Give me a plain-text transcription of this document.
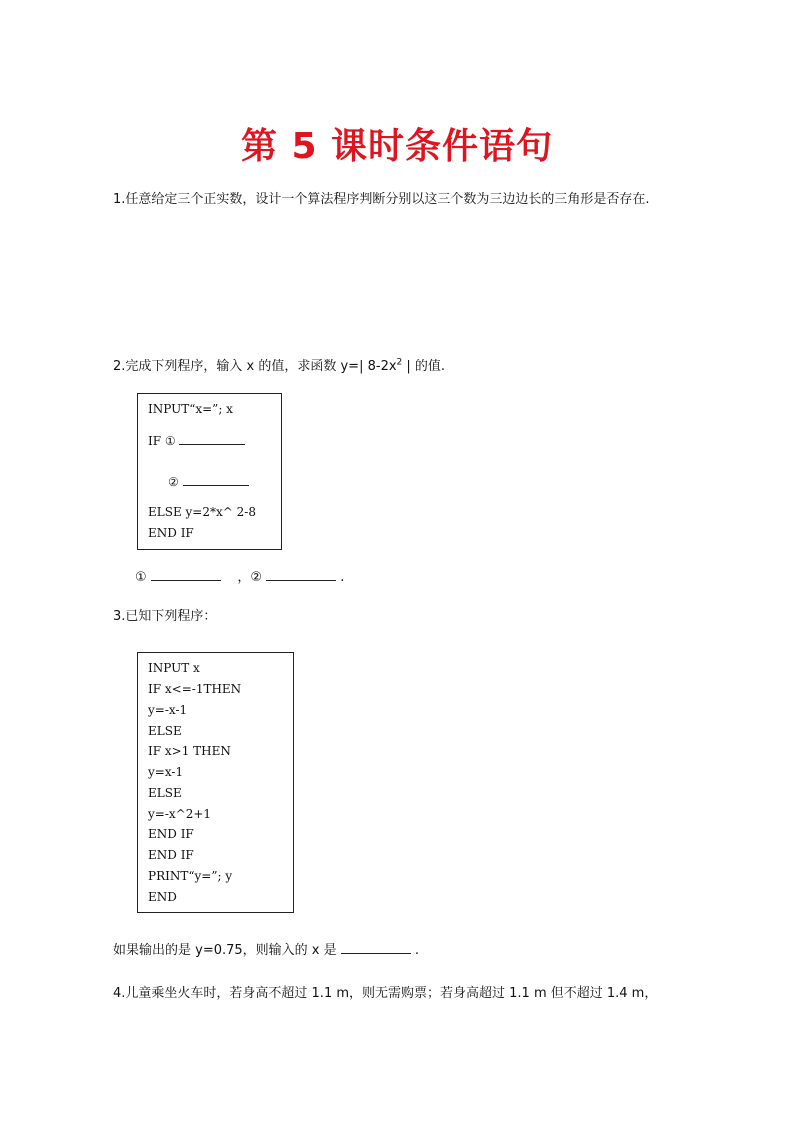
第 5 课时条件语句
1.任意给定三个正实数，设计一个算法程序判断分别以这三个数为三边边长的三角形是否存在.
2.完成下列程序，输入 x 的值，求函数 y=| $8-2x^2$ | 的值.
INPUT“x=”; x
IF ①
②
ELSE y=2*x^ 2-8
END IF
①	，②	.
3.已知下列程序：
INPUT x
IF x<=-1THEN
y=-x-1
ELSE
IF x>1 THEN
y=x-1
ELSE
y=-x^2+1
END IF
END IF
PRINT“y=”; y
END
如果输出的是 y=0.75，则输入的 x 是	.
4.儿童乘坐火车时，若身高不超过 1.1 m，则无需购票；若身高超过 1.1 m 但不超过 1.4 m，
